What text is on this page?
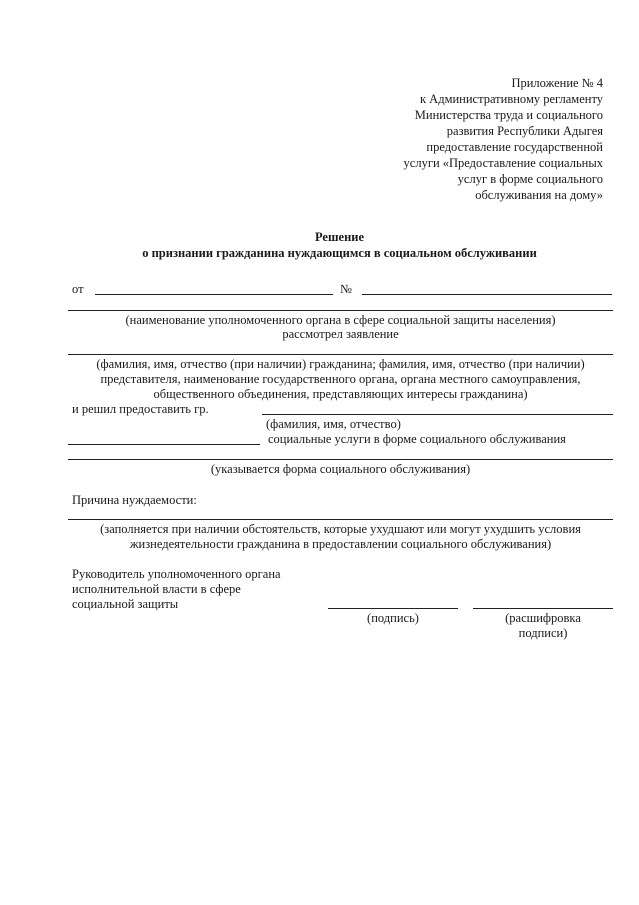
Приложение № 4
к Административному регламенту
Министерства труда и социального
развития Республики Адыгея
предоставление государственной
услуги «Предоставление социальных
услуг в форме социального
обслуживания на дому»
Решение
о признании гражданина нуждающимся в социальном обслуживании
от	№
(наименование уполномоченного органа в сфере социальной защиты населения)
рассмотрел заявление
(фамилия, имя, отчество (при наличии) гражданина; фамилия, имя, отчество (при наличии)
представителя, наименование государственного органа, органа местного самоуправления,
общественного объединения, представляющих интересы гражданина)
и решил предоставить гр.
(фамилия, имя, отчество)
социальные услуги в форме социального обслуживания
(указывается форма социального обслуживания)
Причина нуждаемости:
(заполняется при наличии обстоятельств, которые ухудшают или могут ухудшить условия
жизнедеятельности гражданина в предоставлении социального обслуживания)
Руководитель уполномоченного органа
исполнительной власти в сфере
социальной защиты
(подпись)	(расшифровка
подписи)
